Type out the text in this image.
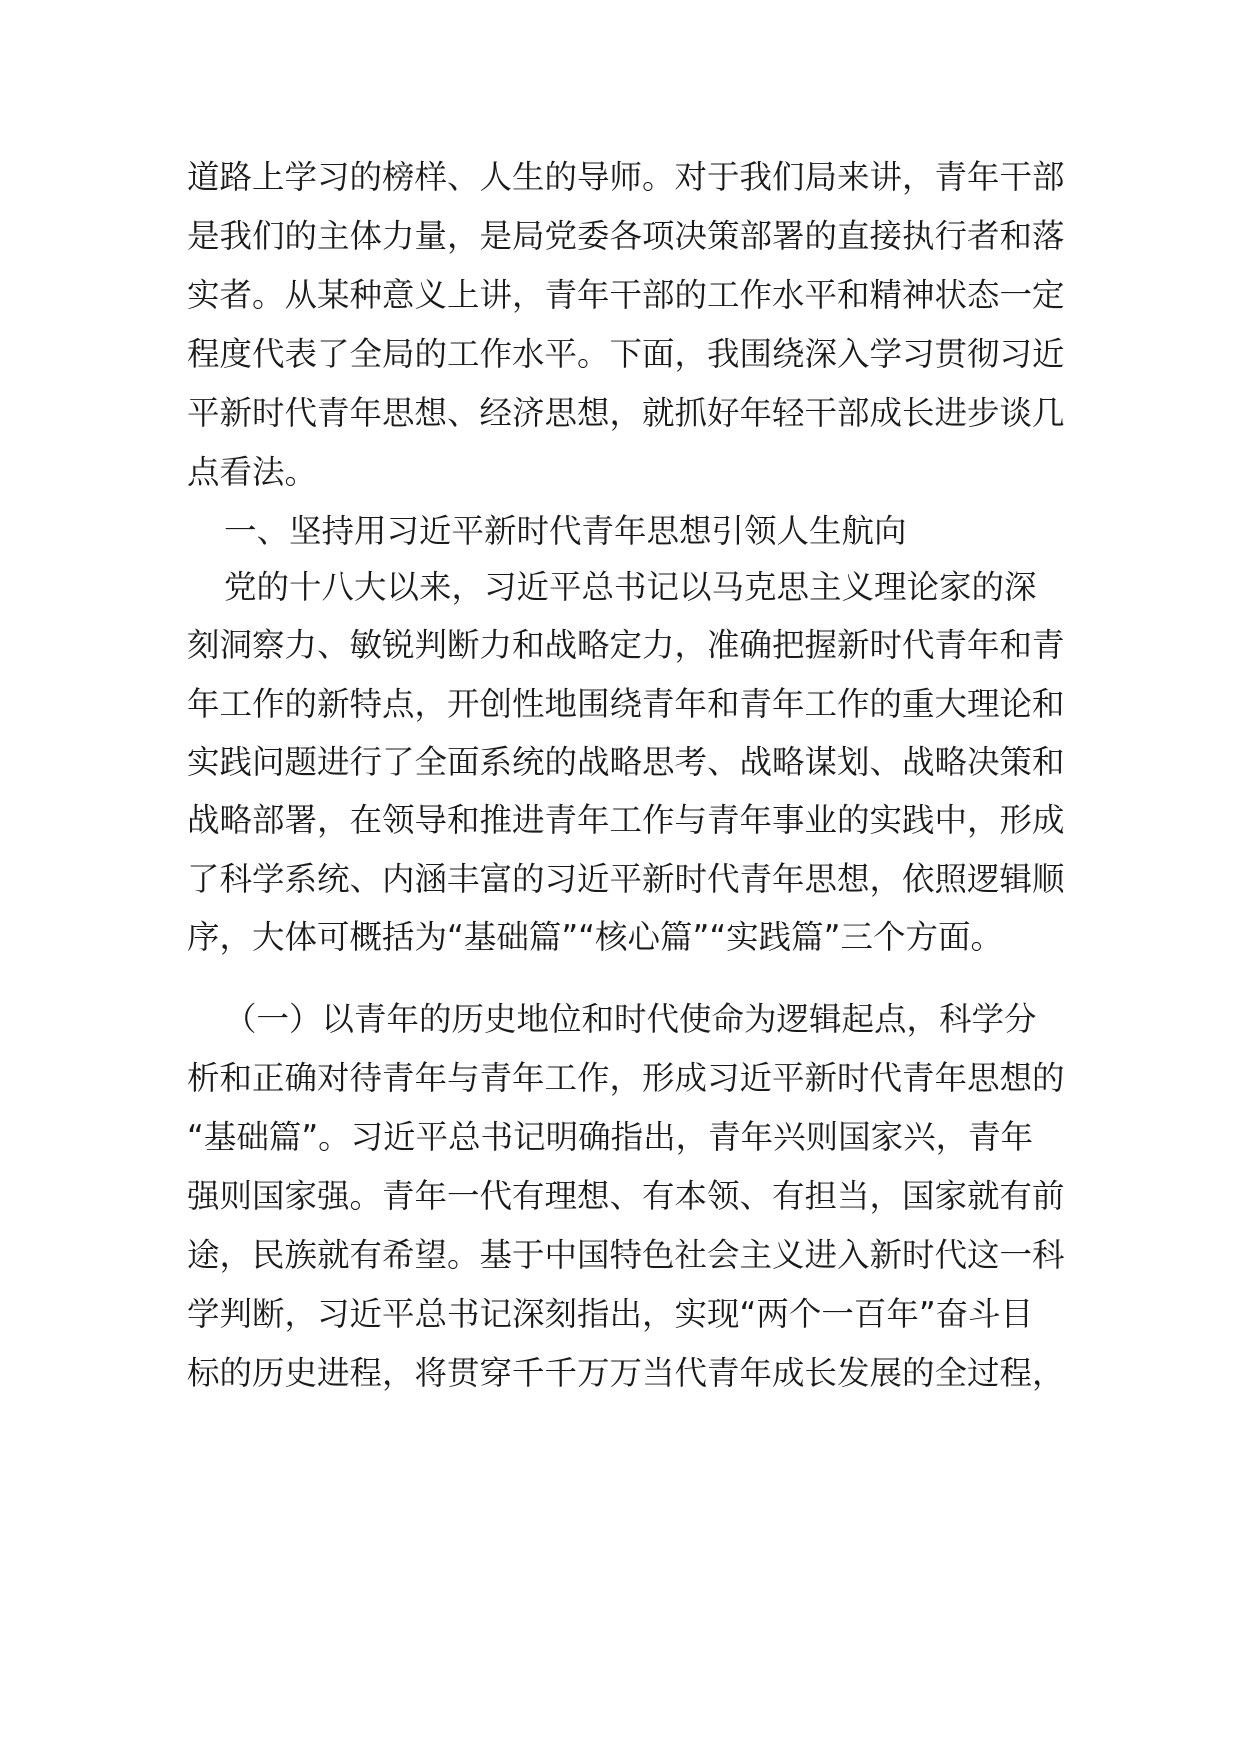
道路上学习的榜样、人生的导师。对于我们局来讲，青年干部
是我们的主体力量，是局党委各项决策部署的直接执行者和落
实者。从某种意义上讲，青年干部的工作水平和精神状态一定
程度代表了全局的工作水平。下面，我围绕深入学习贯彻习近
平新时代青年思想、经济思想，就抓好年轻干部成长进步谈几
点看法。
一、坚持用习近平新时代青年思想引领人生航向
党的十八大以来，习近平总书记以马克思主义理论家的深
刻洞察力、敏锐判断力和战略定力，准确把握新时代青年和青
年工作的新特点，开创性地围绕青年和青年工作的重大理论和
实践问题进行了全面系统的战略思考、战略谋划、战略决策和
战略部署，在领导和推进青年工作与青年事业的实践中，形成
了科学系统、内涵丰富的习近平新时代青年思想，依照逻辑顺
序，大体可概括为“基础篇”“核心篇”“实践篇”三个方面。
（一）以青年的历史地位和时代使命为逻辑起点，科学分
析和正确对待青年与青年工作，形成习近平新时代青年思想的
“基础篇”。习近平总书记明确指出，青年兴则国家兴，青年
强则国家强。青年一代有理想、有本领、有担当，国家就有前
途，民族就有希望。基于中国特色社会主义进入新时代这一科
学判断，习近平总书记深刻指出，实现“两个一百年”奋斗目
标的历史进程，将贯穿千千万万当代青年成长发展的全过程，
